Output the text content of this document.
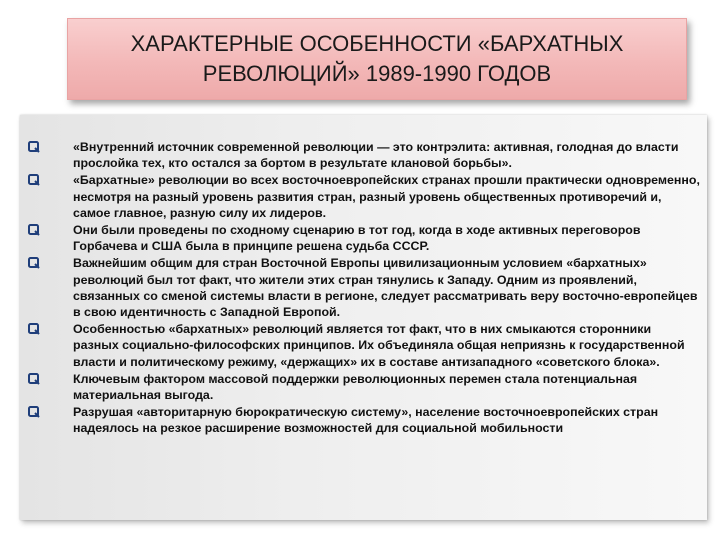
ХАРАКТЕРНЫЕ ОСОБЕННОСТИ «БАРХАТНЫХ
РЕВОЛЮЦИЙ» 1989-1990 ГОДОВ
«Внутренний источник современной революции — это контрэлита: активная, голодная до власти прослойка тех, кто остался за бортом в результате клановой борьбы».
«Бархатные» революции во всех восточноевропейских странах прошли практически одновременно, несмотря на разный уровень развития стран, разный уровень общественных противоречий и, самое главное, разную силу их лидеров.
Они были проведены по сходному сценарию в тот год, когда в ходе активных переговоров Горбачева и США была в принципе решена судьба СССР.
Важнейшим общим для стран Восточной Европы цивилизационным условием «бархатных» революций был тот факт, что жители этих стран тянулись к Западу. Одним из проявлений, связанных со сменой системы власти в регионе, следует рассматривать веру восточно-европейцев в свою идентичность с Западной Европой.
Особенностью «бархатных» революций является тот факт, что в них смыкаются сторонники разных социально-философских принципов. Их объединяла общая неприязнь к государственной власти и политическому режиму, «держащих» их в составе антизападного «советского блока».
Ключевым фактором массовой поддержки революционных перемен стала потенциальная материальная выгода.
Разрушая «авторитарную бюрократическую систему», население восточноевропейских стран надеялось на резкое расширение возможностей для социальной мобильности
